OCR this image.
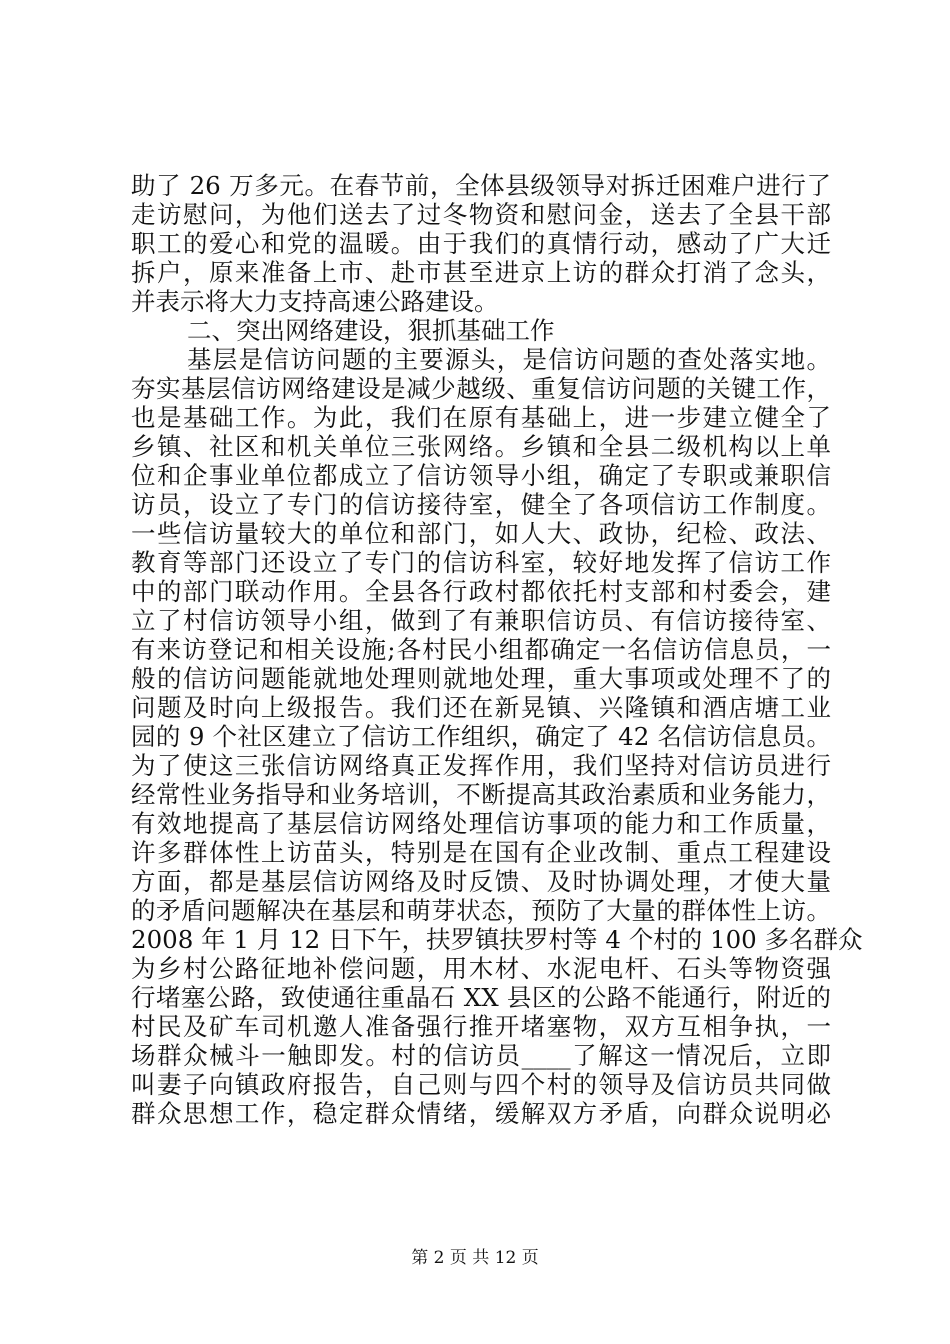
助了 26 万多元。在春节前，全体县级领导对拆迁困难户进行了
走访慰问，为他们送去了过冬物资和慰问金，送去了全县干部
职工的爱心和党的温暖。由于我们的真情行动，感动了广大迁
拆户，原来准备上市、赴市甚至进京上访的群众打消了念头，
并表示将大力支持高速公路建设。
二、突出网络建设，狠抓基础工作
基层是信访问题的主要源头，是信访问题的查处落实地。
夯实基层信访网络建设是减少越级、重复信访问题的关键工作，
也是基础工作。为此，我们在原有基础上，进一步建立健全了
乡镇、社区和机关单位三张网络。乡镇和全县二级机构以上单
位和企事业单位都成立了信访领导小组，确定了专职或兼职信
访员，设立了专门的信访接待室，健全了各项信访工作制度。
一些信访量较大的单位和部门，如人大、政协，纪检、政法、
教育等部门还设立了专门的信访科室，较好地发挥了信访工作
中的部门联动作用。全县各行政村都依托村支部和村委会，建
立了村信访领导小组，做到了有兼职信访员、有信访接待室、
有来访登记和相关设施;各村民小组都确定一名信访信息员，一
般的信访问题能就地处理则就地处理，重大事项或处理不了的
问题及时向上级报告。我们还在新晃镇、兴隆镇和酒店塘工业
园的 9 个社区建立了信访工作组织，确定了 42 名信访信息员。
为了使这三张信访网络真正发挥作用，我们坚持对信访员进行
经常性业务指导和业务培训，不断提高其政治素质和业务能力，
有效地提高了基层信访网络处理信访事项的能力和工作质量，
许多群体性上访苗头，特别是在国有企业改制、重点工程建设
方面，都是基层信访网络及时反馈、及时协调处理，才使大量
的矛盾问题解决在基层和萌芽状态，预防了大量的群体性上访。
2008 年 1 月 12 日下午，扶罗镇扶罗村等 4 个村的 100 多名群众
为乡村公路征地补偿问题，用木材、水泥电杆、石头等物资强
行堵塞公路，致使通往重晶石 XX 县区的公路不能通行，附近的
村民及矿车司机邀人准备强行推开堵塞物，双方互相争执，一
场群众械斗一触即发。村的信访员____了解这一情况后，立即
叫妻子向镇政府报告，自己则与四个村的领导及信访员共同做
群众思想工作，稳定群众情绪，缓解双方矛盾，向群众说明必
第 2 页 共 12 页
